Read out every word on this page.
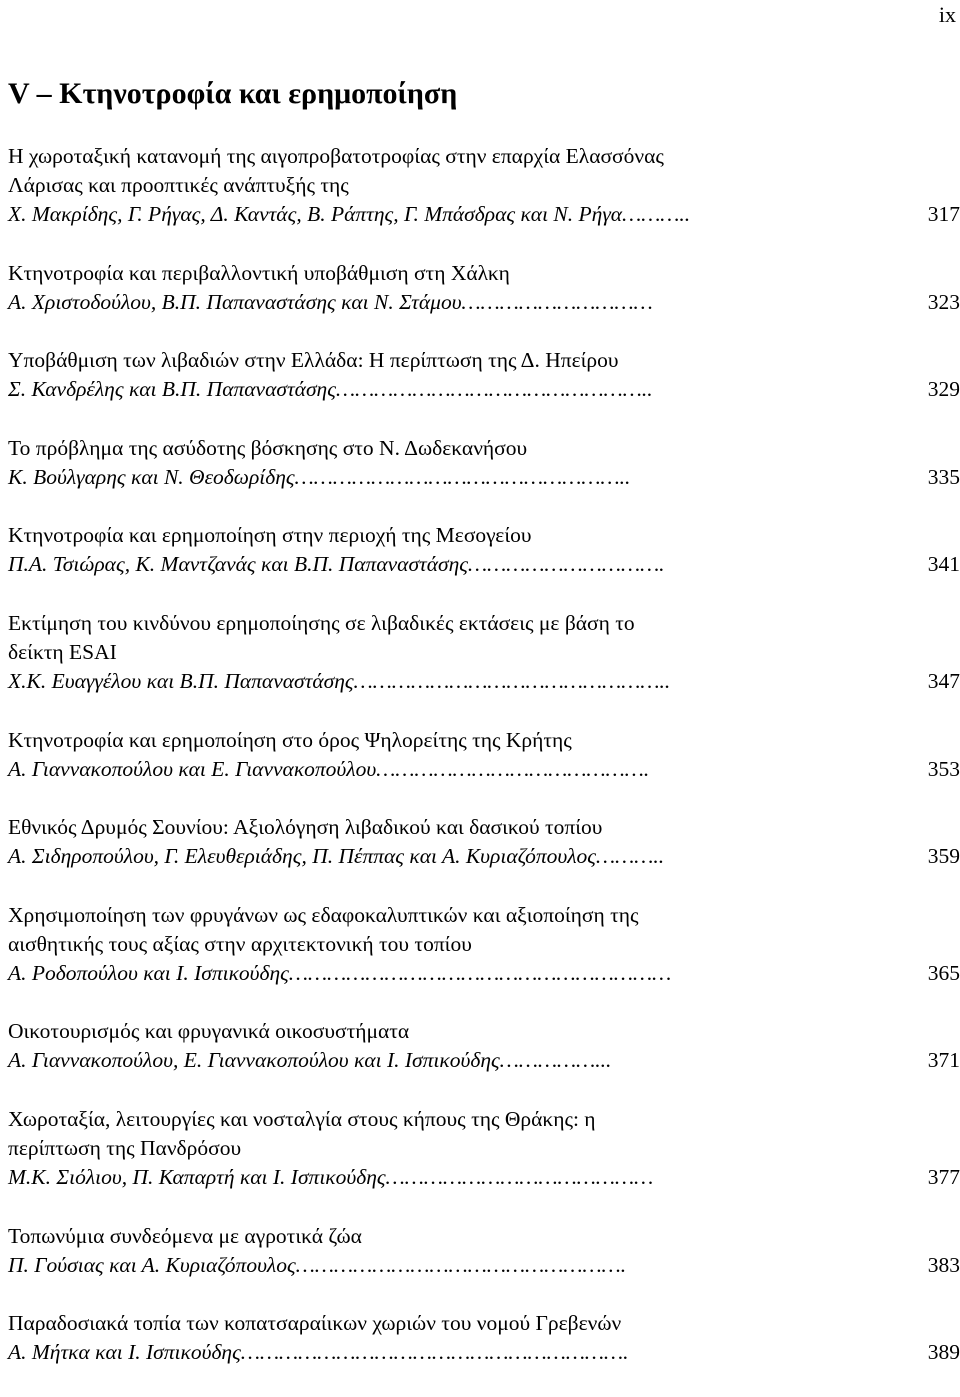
ix
V – Κτηνοτροφία και ερημοποίηση
Η χωροταξική κατανομή της αιγοπροβατοτροφίας στην επαρχία Ελασσόνας
Λάρισας και προοπτικές ανάπτυξής της
Χ. Μακρίδης, Γ. Ρήγας, Δ. Καντάς, Β. Ράπτης, Γ. Μπάσδρας και Ν. Ρήγα………..	317
Κτηνοτροφία και περιβαλλοντική υποβάθμιση στη Χάλκη
Α. Χριστοδούλου, Β.Π. Παπαναστάσης και Ν. Στάμου…………………………	323
Υποβάθμιση των λιβαδιών στην Ελλάδα: Η περίπτωση της Δ. Ηπείρου
Σ. Κανδρέλης και Β.Π. Παπαναστάσης…………………………………………..	329
Το πρόβλημα της ασύδοτης βόσκησης στο Ν. Δωδεκανήσου
Κ. Βούλγαρης και Ν. Θεοδωρίδης……………………………………………..	335
Κτηνοτροφία και ερημοποίηση στην περιοχή της Μεσογείου
Π.Α. Τσιώρας, Κ. Μαντζανάς και Β.Π. Παπαναστάσης………………………….	341
Εκτίμηση του κινδύνου ερημοποίησης σε λιβαδικές εκτάσεις με βάση το
δείκτη ESAI
Χ.Κ. Ευαγγέλου και Β.Π. Παπαναστάσης…………………………………………..	347
Κτηνοτροφία και ερημοποίηση στο όρος Ψηλορείτης της Κρήτης
Α. Γιαννακοπούλου και Ε. Γιαννακοπούλου…………………………………….	353
Εθνικός Δρυμός Σουνίου: Αξιολόγηση λιβαδικού και δασικού τοπίου
Α. Σιδηροπούλου, Γ. Ελευθεριάδης, Π. Πέππας και Α. Κυριαζόπουλος………..	359
Χρησιμοποίηση των φρυγάνων ως εδαφοκαλυπτικών και αξιοποίηση της
αισθητικής τους αξίας στην αρχιτεκτονική του τοπίου
Α. Ροδοπούλου και Ι. Ισπικούδης……………………………………………………	365
Οικοτουρισμός και φρυγανικά οικοσυστήματα
Α. Γιαννακοπούλου, Ε. Γιαννακοπούλου και Ι. Ισπικούδης……………...	371
Χωροταξία, λειτουργίες και νοσταλγία στους κήπους της Θράκης: η
περίπτωση της Πανδρόσου
Μ.Κ. Σιόλιου, Π. Καπαρτή και Ι. Ισπικούδης……………………………………	377
Τοπωνύμια συνδεόμενα με αγροτικά ζώα
Π. Γούσιας και Α. Κυριαζόπουλος…………………………………………….	383
Παραδοσιακά τοπία των κοπατσαραίικων χωριών του νομού Γρεβενών
Α. Μήτκα και Ι. Ισπικούδης…………………………………………………….	389
